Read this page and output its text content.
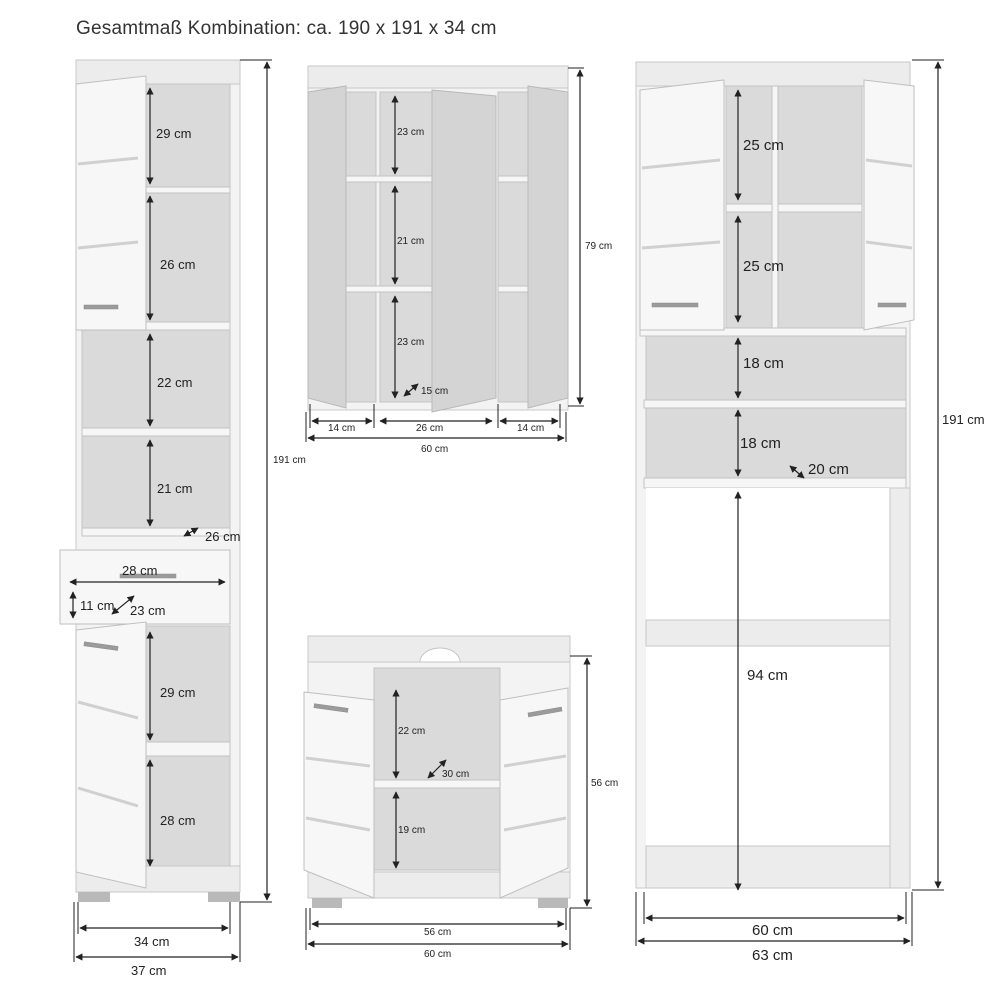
Gesamtmaß Kombination: ca. 190 x 191 x 34 cm
29 cm
26 cm
22 cm
21 cm
26 cm
28 cm
11 cm 23 cm
29 cm
28 cm
191 cm
34 cm
37 cm
23 cm
21 cm
23 cm
15 cm
79 cm
14 cm	26 cm	14 cm
60 cm
22 cm
30 cm
19 cm
56 cm
56 cm
60 cm
25 cm
25 cm
18 cm
18 cm
20 cm
94 cm
191 cm
60 cm
63 cm
